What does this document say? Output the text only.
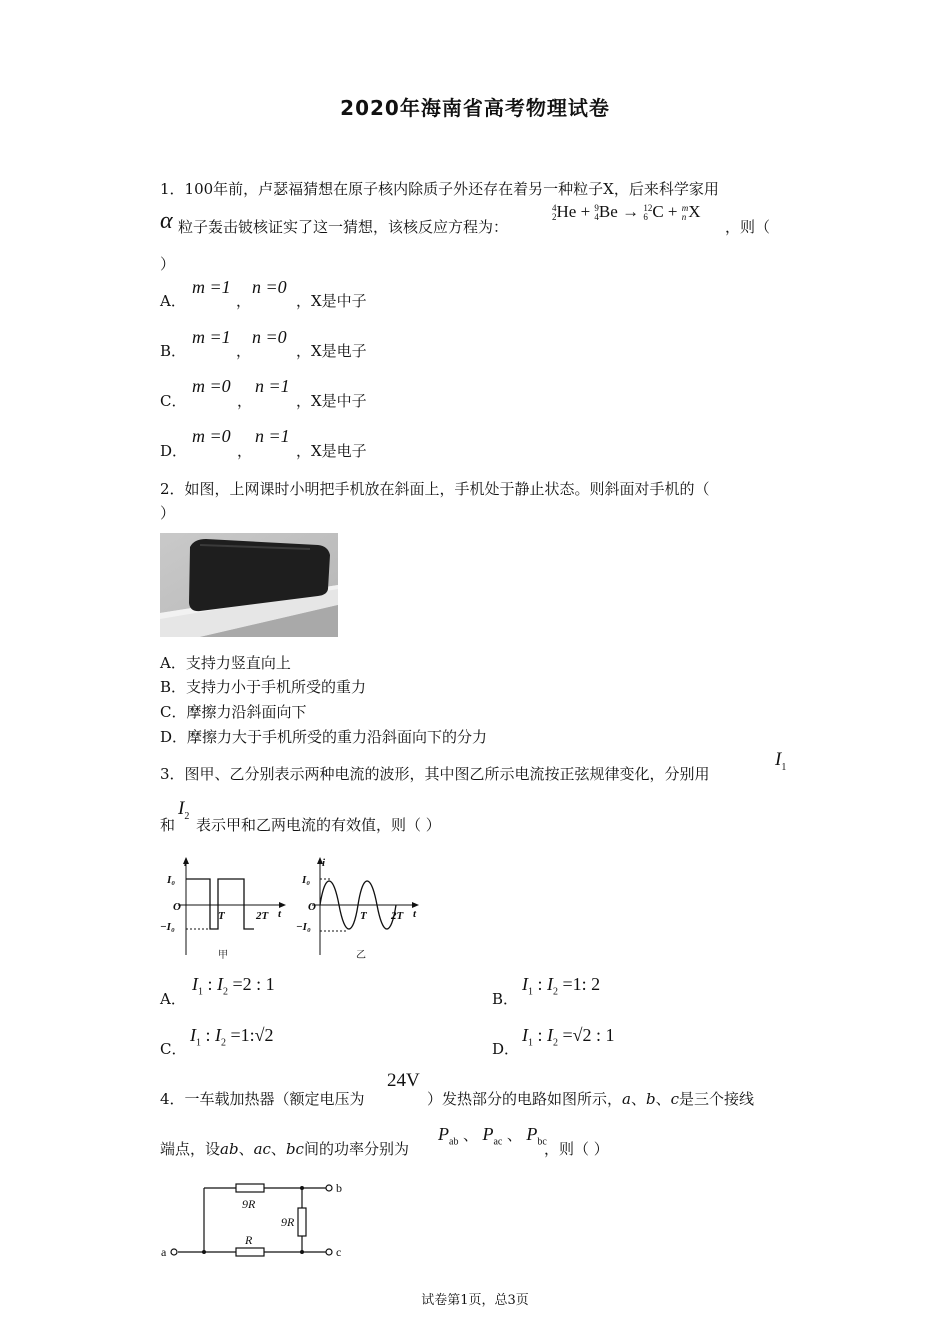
2020年海南省高考物理试卷
1．100年前，卢瑟福猜想在原子核内除质子外还存在着另一种粒子X，后来科学家用
α 粒子轰击铍核证实了这一猜想，该核反应方程为：
4
2He + 9
4Be → 12
6 C + m
n X
，则（
）
A．
m =1
，
n =0
，X是中子
B．
m =1
，
n =0
，X是电子
C．
m =0
，
n =1
，X是中子
D．
m =0
，
n =1
，X是电子
2．如图，上网课时小明把手机放在斜面上，手机处于静止状态。则斜面对手机的（
）
A．支持力竖直向上
B．支持力小于手机所受的重力
C．摩擦力沿斜面向下
D．摩擦力大于手机所受的重力沿斜面向下的分力
3．图甲、乙分别表示两种电流的波形，其中图乙所示电流按正弦规律变化，分别用
$I_1$
和
$I_2$ 表示甲和乙两电流的有效值，则（ ）
i
I₀
O
−I₀
T	2T t
甲
i
I₀
O
−I₀
T 2T t
乙
A．
$I_1$ : $I_2 =2$ : 1
B．
$I_1$ : $I_2 =1$: 2
C．
$I_1$ : $I_2$ =1:√2
D．
$I_1$ : $I_2 =√2$ : 1
4．一车载加热器（额定电压为
24V
）发热部分的电路如图所示，a、b、c是三个接线
端点，设ab、ac、bc间的功率分别为
$P_{ab}$ 、 $P_{ac}$ 、 $P_{bc}$
，则（ ）
9R
9R
R
a
b
c
试卷第1页，总3页
